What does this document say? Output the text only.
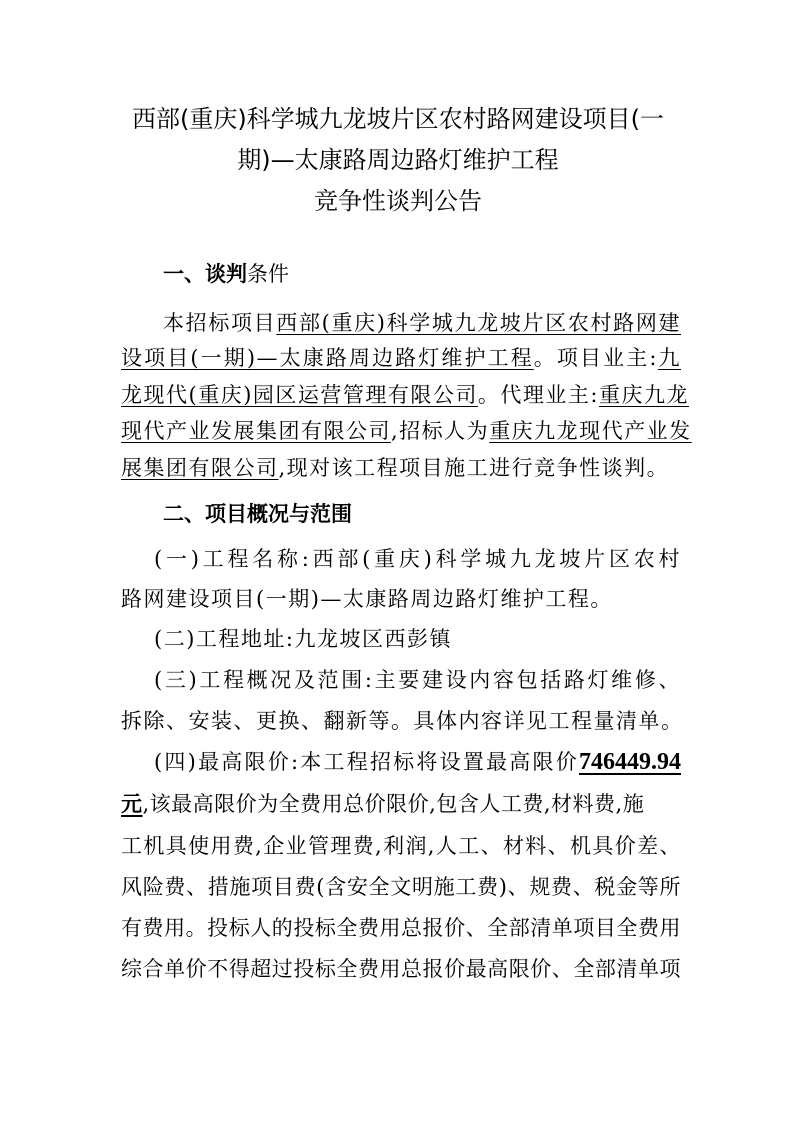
西部(重庆)科学城九龙坡片区农村路网建设项目(一
期)—太康路周边路灯维护工程
竞争性谈判公告
一、谈判条件
本招标项目西部(重庆)科学城九龙坡片区农村路网建
设项目(一期)—太康路周边路灯维护工程。项目业主:九
龙现代(重庆)园区运营管理有限公司。代理业主:重庆九龙
现代产业发展集团有限公司,招标人为重庆九龙现代产业发
展集团有限公司,现对该工程项目施工进行竞争性谈判。
二、项目概况与范围
(一)工程名称:西部(重庆)科学城九龙坡片区农村
路网建设项目(一期)—太康路周边路灯维护工程。
(二)工程地址:九龙坡区西彭镇
(三)工程概况及范围:主要建设内容包括路灯维修、
拆除、安装、更换、翻新等。具体内容详见工程量清单。
(四)最高限价:本工程招标将设置最高限价746449.94
元,该最高限价为全费用总价限价,包含人工费,材料费,施
工机具使用费,企业管理费,利润,人工、材料、机具价差、
风险费、措施项目费(含安全文明施工费)、规费、税金等所
有费用。投标人的投标全费用总报价、全部清单项目全费用
综合单价不得超过投标全费用总报价最高限价、全部清单项
